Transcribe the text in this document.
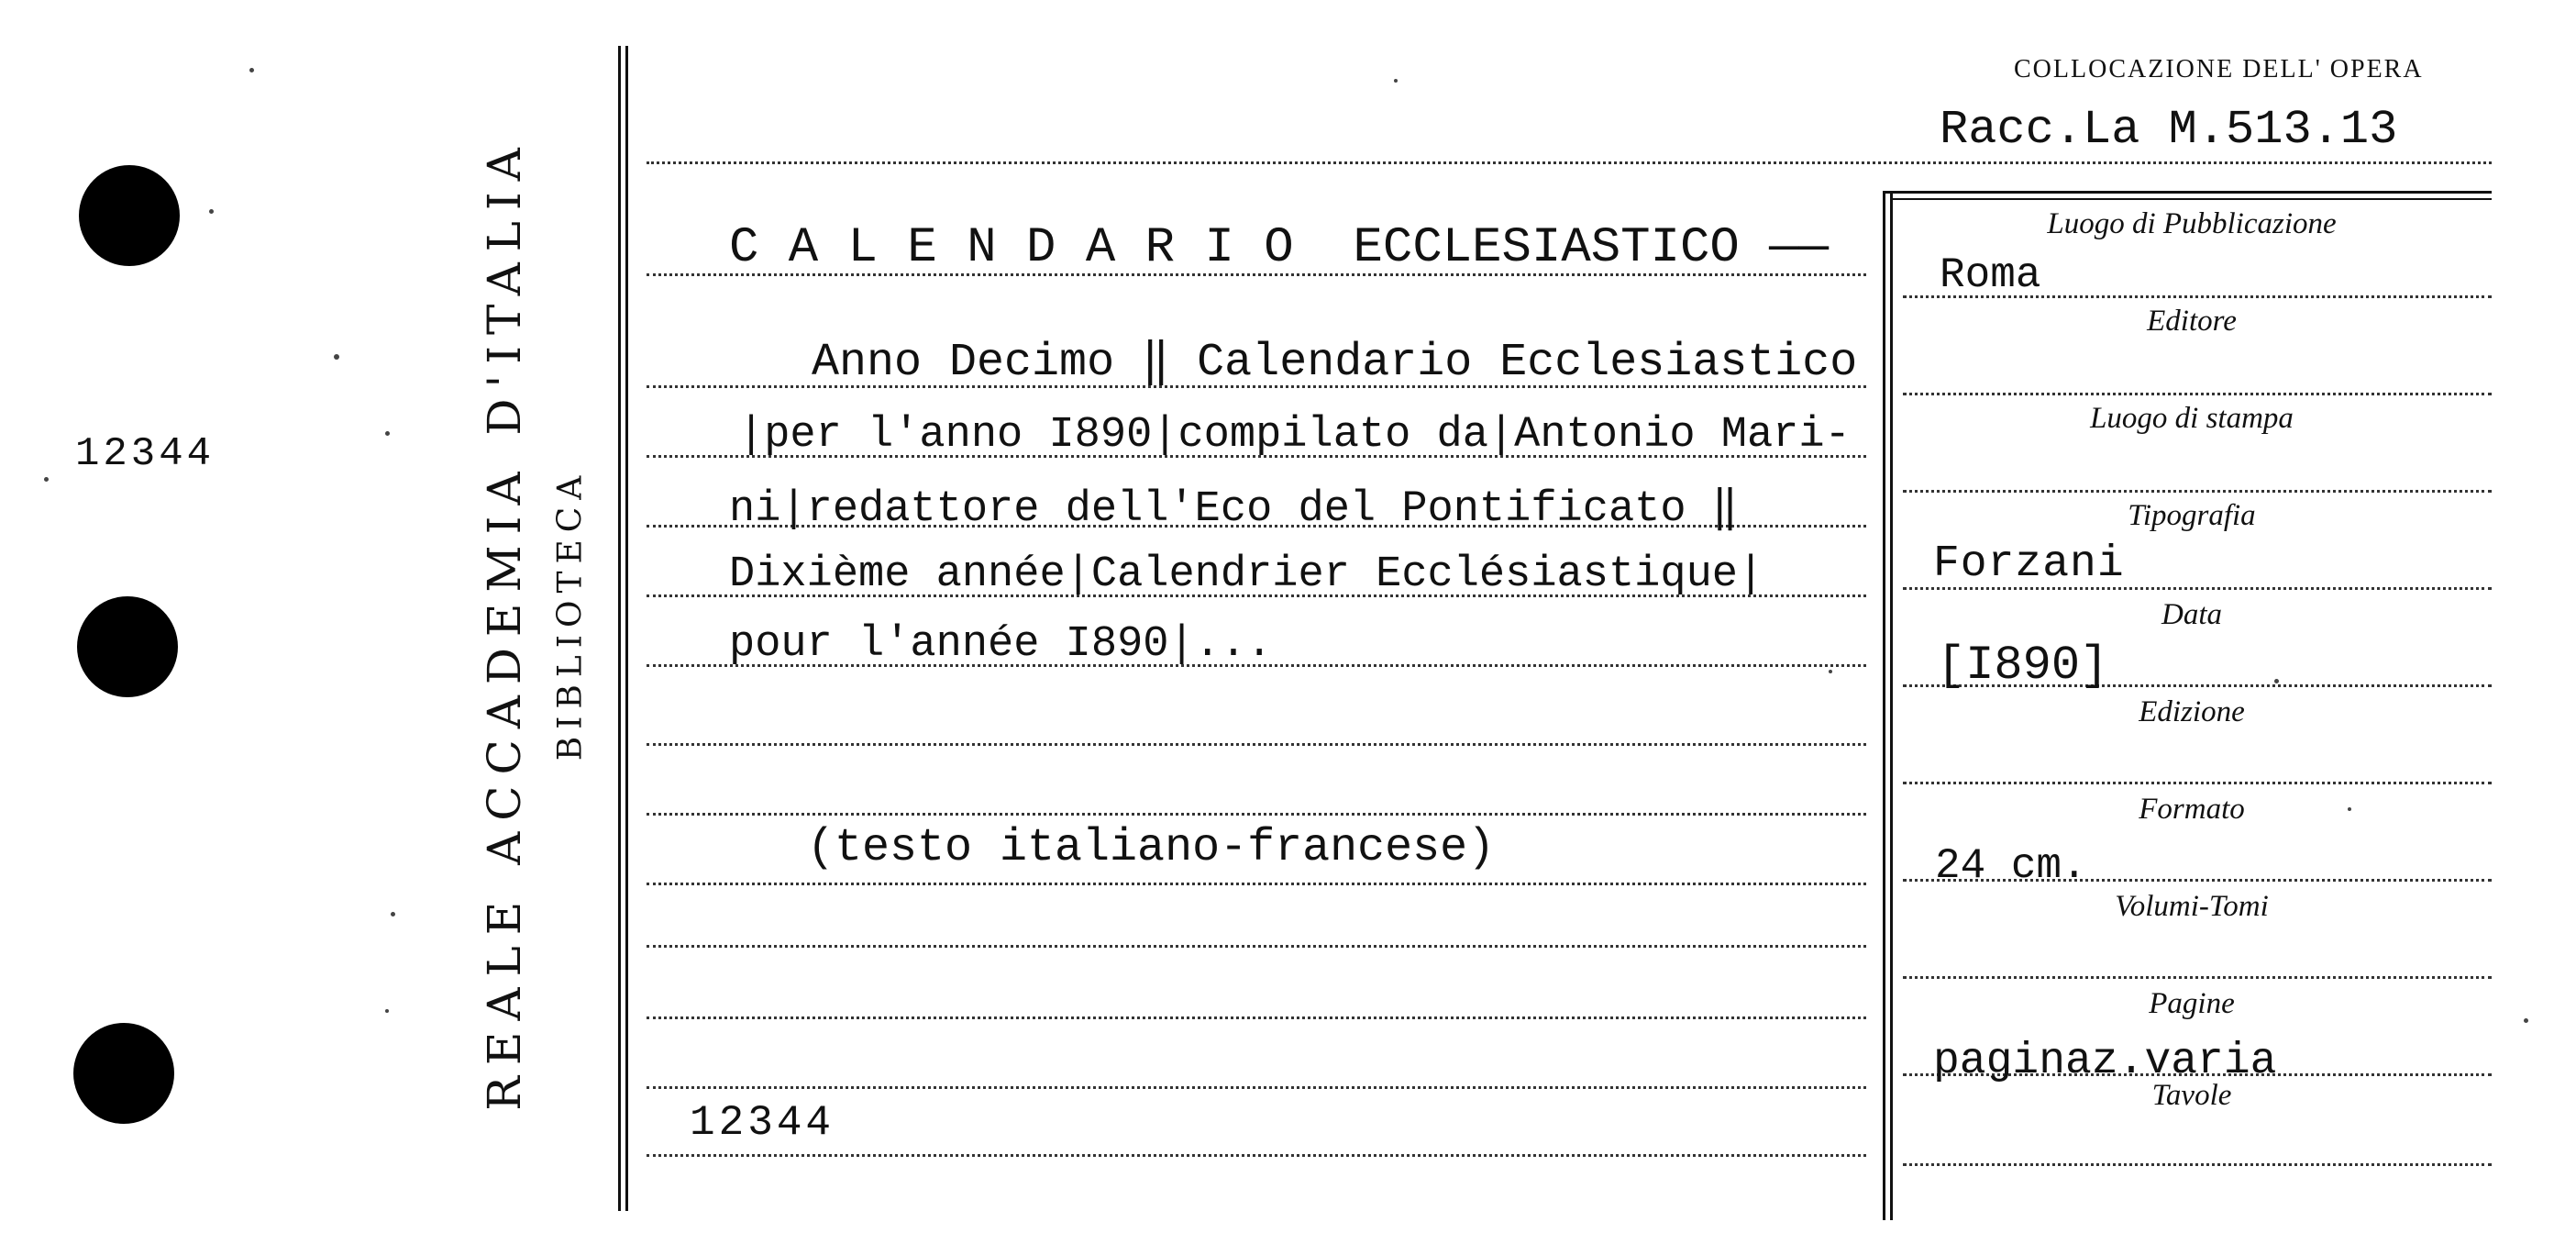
12344	REALE ACCADEMIA D'ITALIA BIBLIOTECA
COLLOCAZIONE DELL' OPERA
Racc.La M.513.13
C A L E N D A R I O  ECCLESIASTICO ——
Anno Decimo ‖ Calendario Ecclesiastico
|per l'anno I890|compilato da|Antonio Mari-
ni|redattore dell'Eco del Pontificato ‖
Dixième année|Calendrier Ecclésiastique|
pour l'année I890|...
(testo italiano-francese)
12344
Luogo di Pubblicazione
Editore
Luogo di stampa
Tipografia
Data
Edizione
Formato
Volumi-Tomi
Pagine
Tavole
Roma
Forzani
[I890]
24 cm.
paginaz.varia
